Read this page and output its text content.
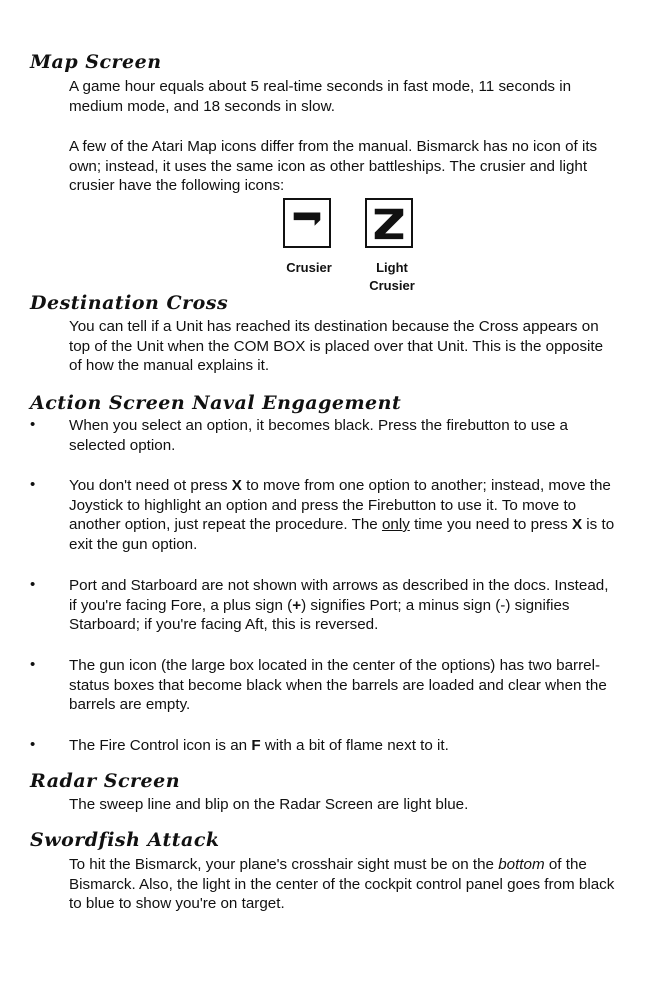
Map Screen

A game hour equals about 5 real-time seconds in fast mode, 11 seconds in medium mode, and 18 seconds in slow.

A few of the Atari Map icons differ from the manual. Bismarck has no icon of its own; instead, it uses the same icon as other battleships. The crusier and light crusier have the following icons:

Crusier	Light
Crusier
Destination Cross

You can tell if a Unit has reached its destination because the Cross appears on top of the Unit when the COM BOX is placed over that Unit. This is the opposite of how the manual explains it.

Action Screen Naval Engagement
• When you select an option, it becomes black. Press the firebutton to use a selected option.

• You don't need ot press X to move from one option to another; instead, move the Joystick to highlight an option and press the Firebutton to use it. To move to another option, just repeat the procedure. The only time you need to press X is to exit the gun option.

• Port and Starboard are not shown with arrows as described in the docs. Instead, if you're facing Fore, a plus sign (+) signifies Port; a minus sign (-) signifies Starboard; if you're facing Aft, this is reversed.

• The gun icon (the large box located in the center of the options) has two barrel-status boxes that become black when the barrels are loaded and clear when the barrels are empty.

• The Fire Control icon is an F with a bit of flame next to it.

Radar Screen

The sweep line and blip on the Radar Screen are light blue.

Swordfish Attack

To hit the Bismarck, your plane's crosshair sight must be on the bottom of the Bismarck. Also, the light in the center of the cockpit control panel goes from black to blue to show you're on target.
